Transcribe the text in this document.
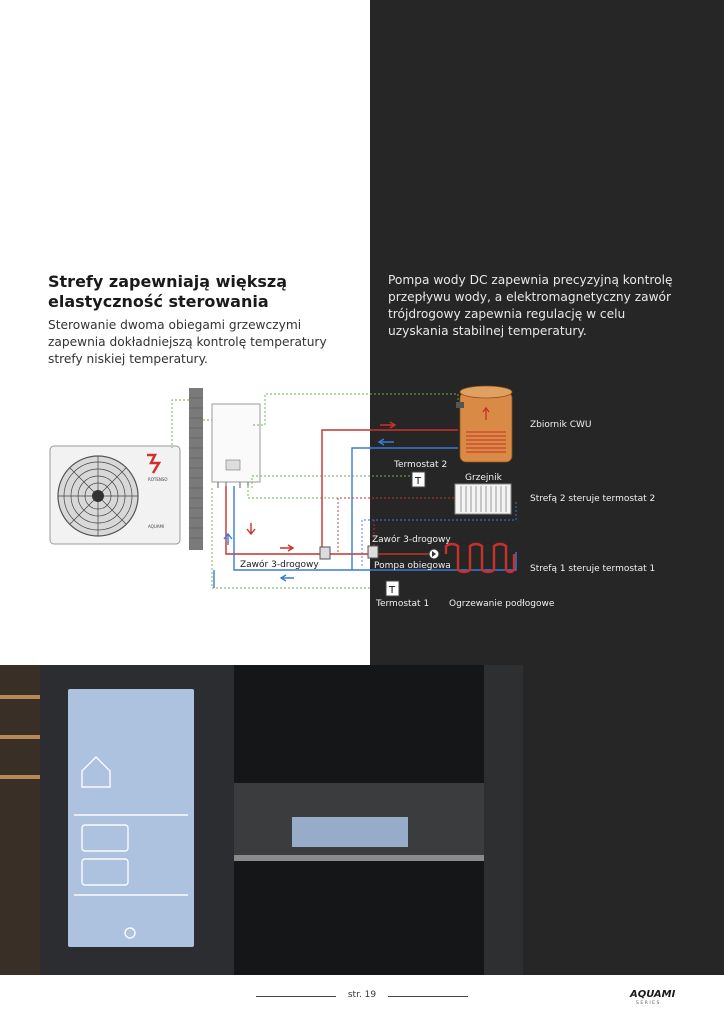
Strefy zapewniają większą
elastyczność sterowania

Sterowanie dwoma obiegami grzewczymi zapewnia dokładniejszą kontrolę temperatury strefy niskiej temperatury.

Pompa wody DC zapewnia precyzyjną kontrolę przepływu wody, a elektromagnetyczny zawór trójdrogowy zapewnia regulację w celu uzyskania stabilnej temperatury.

ROTENSO
AQUAMI
Zbiornik CWU
T
Termostat 2
Grzejnik
Strefą 2 steruje termostat 2
Zawór 3-drogowy
Zawór 3-drogowy	Pompa obiegowa	Strefą 1 steruje termostat 1
T
Termostat 1 Ogrzewanie podłogowe
str. 19	AQUAMI
SERIES
